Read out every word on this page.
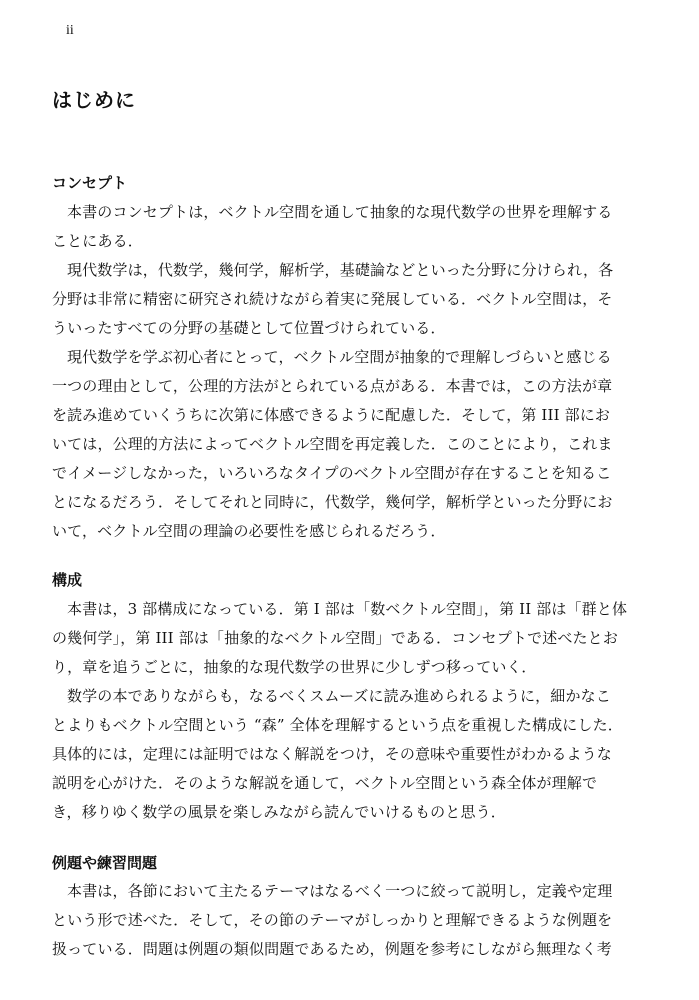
ii
はじめに
コンセプト
本書のコンセプトは，ベクトル空間を通して抽象的な現代数学の世界を理解する
ことにある．
現代数学は，代数学，幾何学，解析学，基礎論などといった分野に分けられ，各
分野は非常に精密に研究され続けながら着実に発展している．ベクトル空間は，そ
ういったすべての分野の基礎として位置づけられている．
現代数学を学ぶ初心者にとって，ベクトル空間が抽象的で理解しづらいと感じる
一つの理由として，公理的方法がとられている点がある．本書では，この方法が章
を読み進めていくうちに次第に体感できるように配慮した．そして，第 III 部にお
いては，公理的方法によってベクトル空間を再定義した．このことにより，これま
でイメージしなかった，いろいろなタイプのベクトル空間が存在することを知るこ
とになるだろう．そしてそれと同時に，代数学，幾何学，解析学といった分野にお
いて，ベクトル空間の理論の必要性を感じられるだろう．
構成
本書は，3 部構成になっている．第 I 部は「数ベクトル空間」，第 II 部は「群と体
の幾何学」，第 III 部は「抽象的なベクトル空間」である．コンセプトで述べたとお
り，章を追うごとに，抽象的な現代数学の世界に少しずつ移っていく．
数学の本でありながらも，なるべくスムーズに読み進められるように，細かなこ
とよりもベクトル空間という “森” 全体を理解するという点を重視した構成にした．
具体的には，定理には証明ではなく解説をつけ，その意味や重要性がわかるような
説明を心がけた．そのような解説を通して，ベクトル空間という森全体が理解で
き，移りゆく数学の風景を楽しみながら読んでいけるものと思う．
例題や練習問題
本書は，各節において主たるテーマはなるべく一つに絞って説明し，定義や定理
という形で述べた．そして，その節のテーマがしっかりと理解できるような例題を
扱っている．問題は例題の類似問題であるため，例題を参考にしながら無理なく考
